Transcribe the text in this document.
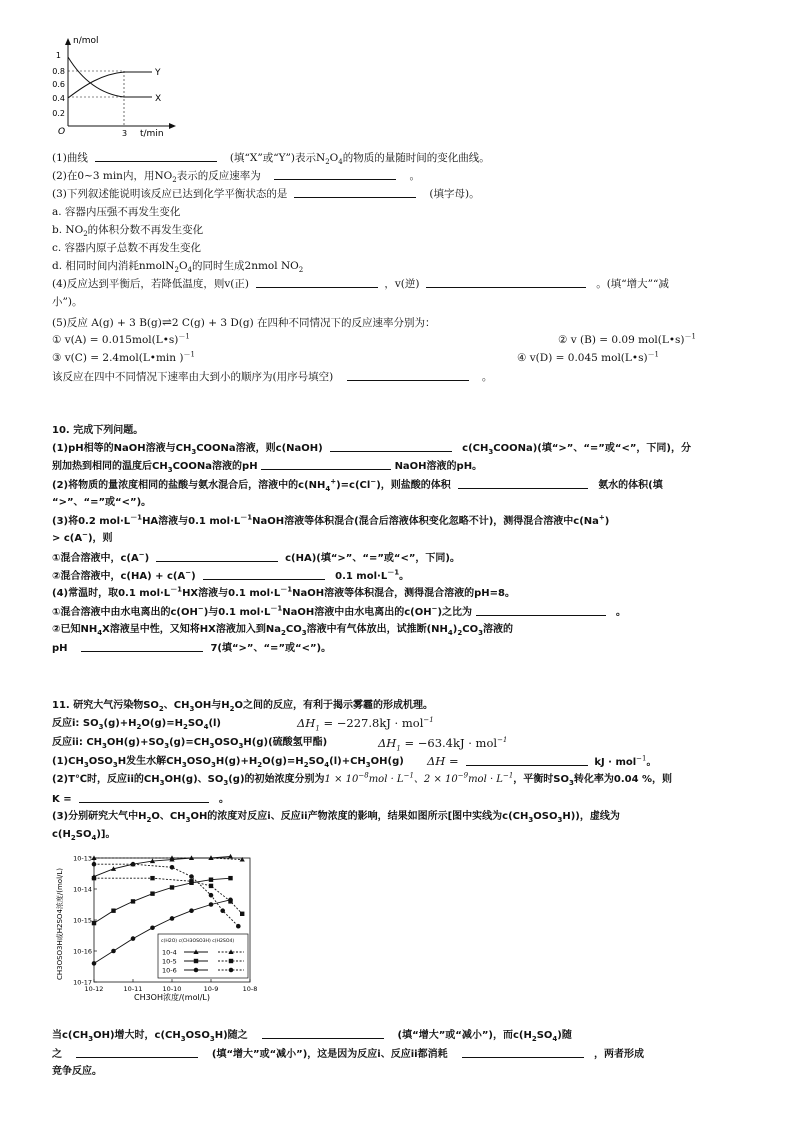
n/mol
t/min
O
1
0.8
0.6
0.4
0.2
3
Y
X
(1)曲线	(填“X”或“Y”)表示$N_2O_4$的物质的量随时间的变化曲线。
(2)在0~3 min内，用$NO_2$表示的反应速率为	。
(3)下列叙述能说明该反应已达到化学平衡状态的是	(填字母)。
a. 容器内压强不再发生变化
b. $NO_2$的体积分数不再发生变化
c. 容器内原子总数不再发生变化
d. 相同时间内消耗$nmolN_2O_4$的同时生成2nmol $NO_2$
(4)反应达到平衡后，若降低温度，则v(正)	，v(逆)	。(填“增大”“减
小”)。
(5)反应 A(g) + 3 B(g)⇌2 C(g) + 3 D(g) 在四种不同情况下的反应速率分别为：
① v(A) = 0.015mol(L•s)$^{-1}$	② v (B) = 0.09 mol(L•s)$^{-1}$
③ v(C) = 2.4mol(L•min )$^{-1}$	④ v(D) = 0.045 mol(L•s)$^{-1}$
该反应在四中不同情况下速率由大到小的顺序为(用序号填空)	。
10. 完成下列问题。
(1)pH相等的NaOH溶液与$CH_3COONa$溶液，则c(NaOH)	$c(CH_3COONa)$(填“>”、“=”或“<”，下同)，分
别加热到相同的温度后$CH_3COONa$溶液的pH	NaOH溶液的pH。
(2)将物质的量浓度相同的盐酸与氨水混合后，溶液中的$c(NH_4^+)=c(Cl^-)$，则盐酸的体积	氨水的体积(填
“>”、“=”或“<”)。
(3)将0.2 $mol\cdot L^{-1}HA$溶液与0.1 $mol\cdot L^{-1}NaOH$溶液等体积混合(混合后溶液体积变化忽略不计)，测得混合溶液中c(Na+)
> c(A−)，则
①混合溶液中，c(A−)	c(HA)(填“>”、“=”或“<”，下同)。
②混合溶液中，c(HA) + c(A−)	0.1 $mol\cdot L^{-1}$。
(4)常温时，取0.1 $mol\cdot L^{-1}HX$溶液与0.1 $mol\cdot L^{-1}NaOH$溶液等体积混合，测得混合溶液的pH=8。
①混合溶液中由水电离出的c(OH−)与0.1 $mol\cdot L^{-1}NaOH$溶液中由水电离出的c(OH−)之比为	。
②已知$NH_4X$溶液呈中性，又知将HX溶液加入到$Na_2CO_3$溶液中有气体放出，试推断$(NH_4)_2CO_3$溶液的
pH	7(填“>”、“=”或“<”)。
11. 研究大气污染物$SO_2$、$CH_3OH$与$H_2O$之间的反应，有利于揭示雾霾的形成机理。
反应i: $SO_3(g)+H_2O(g)=H_2SO_4(l)$	$\Delta H_1 = -227.8kJ \cdot mol^{-1}$
反应ii: $CH_3OH(g)+SO_3(g)=CH_3OSO_3H(g)$(硫酸氢甲酯)	$\Delta H_1 = -63.4kJ \cdot mol^{-1}$
$(1)CH_3OSO_3H$发生水解$CH_3OSO_3H(g)+H_2O(g)=H_2SO_4(l)+CH_3OH(g) \Delta H$ =	kJ · mol$^{-1}$。
(2)T℃时，反应ii的$CH_3OH(g)$、$SO_3(g)$的初始浓度分别为$1 \times 10^{-8}mol \cdot L^{-1}$、$2 \times 10^{-9}mol \cdot L^{-1}$，平衡时$SO_3$转化率为0.04 %，则
K =	。
(3)分别研究大气中$H_2O$、$CH_3OH$的浓度对反应i、反应ii产物浓度的影响，结果如图所示[图中实线为$c(CH_3OSO_3H)$)，虚线为
$c(H_2SO_4)$]。
10-12	10-11	10-10	10-9	10-8
10-13
10-14
10-15
10-16
10-17
c(H2O) c(CH3OSO3H) c(H2SO4)
10-4
10-5
10-6
CH3OH浓度/(mol/L)
CH3OSO3H或H2SO4浓度/(mol/L)
当$c(CH_3OH)$增大时，$c(CH_3OSO_3H)$随之	(填“增大”或“减小”)，而$c(H_2SO_4)$随
之	(填“增大”或“减小”)，这是因为反应i、反应ii都消耗	，两者形成
竞争反应。
